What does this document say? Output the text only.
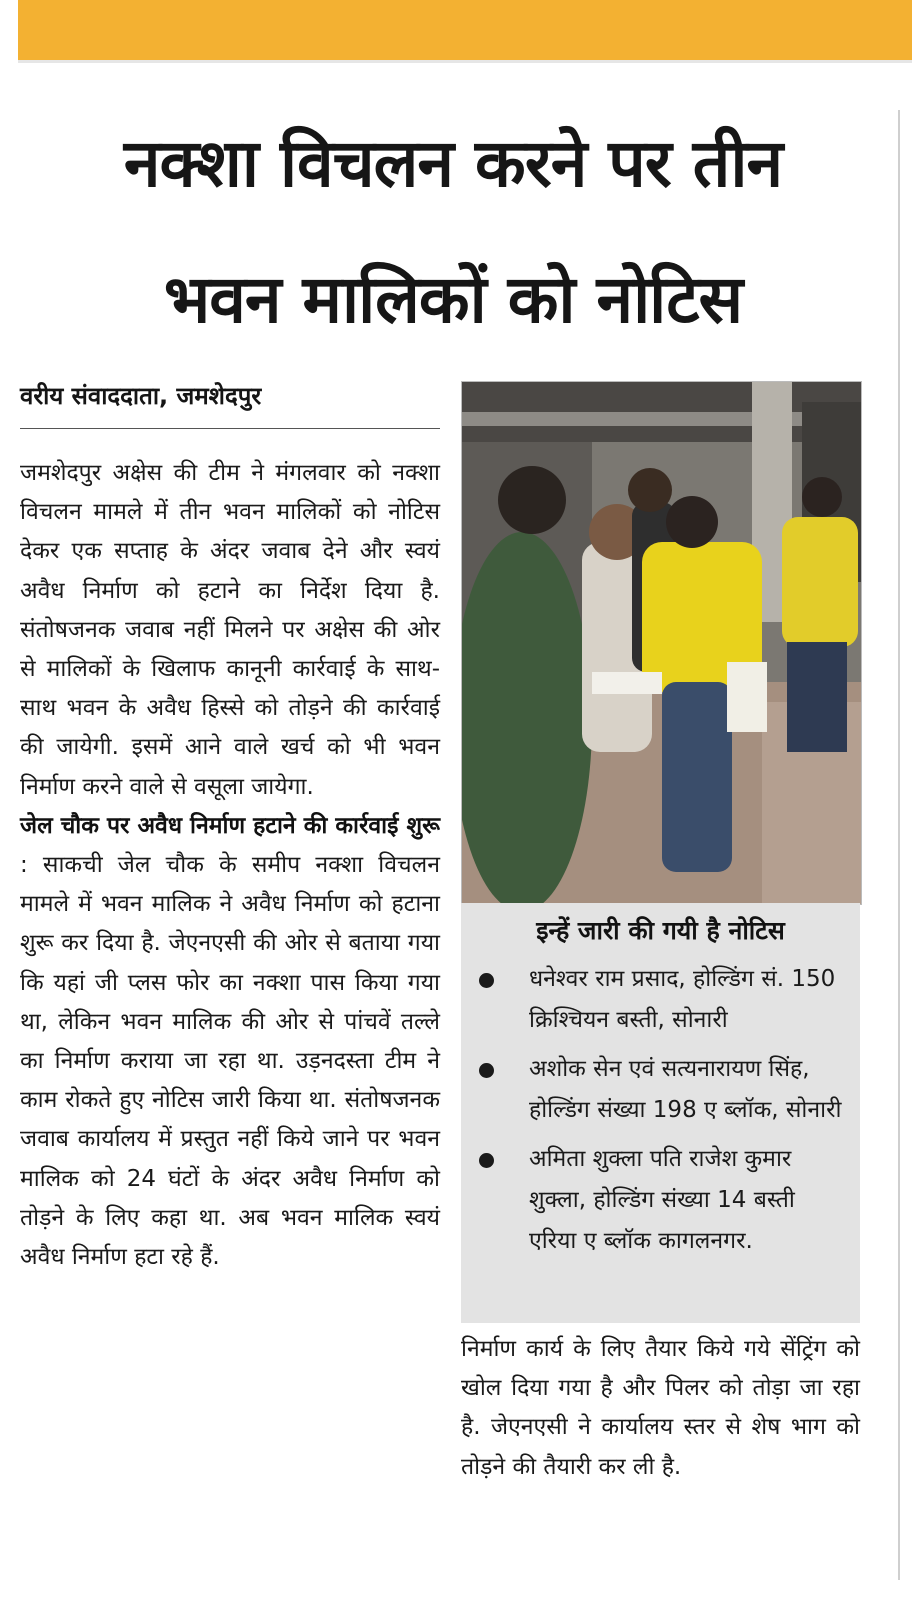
नक्शा विचलन करने पर तीन
भवन मालिकों को नोटिस
वरीय संवाददाता, जमशेदपुर

जमशेदपुर अक्षेस की टीम ने मंगलवार को नक्शा विचलन मामले में तीन भवन मालिकों को नोटिस देकर एक सप्ताह के अंदर जवाब देने और स्वयं अवैध निर्माण को हटाने का निर्देश दिया है. संतोषजनक जवाब नहीं मिलने पर अक्षेस की ओर से मालिकों के खिलाफ कानूनी कार्रवाई के साथ-साथ भवन के अवैध हिस्से को तोड़ने की कार्रवाई की जायेगी. इसमें आने वाले खर्च को भी भवन निर्माण करने वाले से वसूला जायेगा.

जेल चौक पर अवैध निर्माण हटाने की कार्रवाई शुरू : साकची जेल चौक के समीप नक्शा विचलन मामले में भवन मालिक ने अवैध निर्माण को हटाना शुरू कर दिया है. जेएनएसी की ओर से बताया गया कि यहां जी प्लस फोर का नक्शा पास किया गया था, लेकिन भवन मालिक की ओर से पांचवें तल्ले का निर्माण कराया जा रहा था. उड़नदस्ता टीम ने काम रोकते हुए नोटिस जारी किया था. संतोषजनक जवाब कार्यालय में प्रस्तुत नहीं किये जाने पर भवन मालिक को 24 घंटों के अंदर अवैध निर्माण को तोड़ने के लिए कहा था. अब भवन मालिक स्वयं अवैध निर्माण हटा रहे हैं.

इन्हें जारी की गयी है नोटिस
धनेश्वर राम प्रसाद, होल्डिंग सं. 150 क्रिश्चियन बस्ती, सोनारी
अशोक सेन एवं सत्यनारायण सिंह, होल्डिंग संख्या 198 ए ब्लॉक, सोनारी
अमिता शुक्ला पति राजेश कुमार शुक्ला, होल्डिंग संख्या 14 बस्ती एरिया ए ब्लॉक कागलनगर.

निर्माण कार्य के लिए तैयार किये गये सेंट्रिंग को खोल दिया गया है और पिलर को तोड़ा जा रहा है. जेएनएसी ने कार्यालय स्तर से शेष भाग को तोड़ने की तैयारी कर ली है.
